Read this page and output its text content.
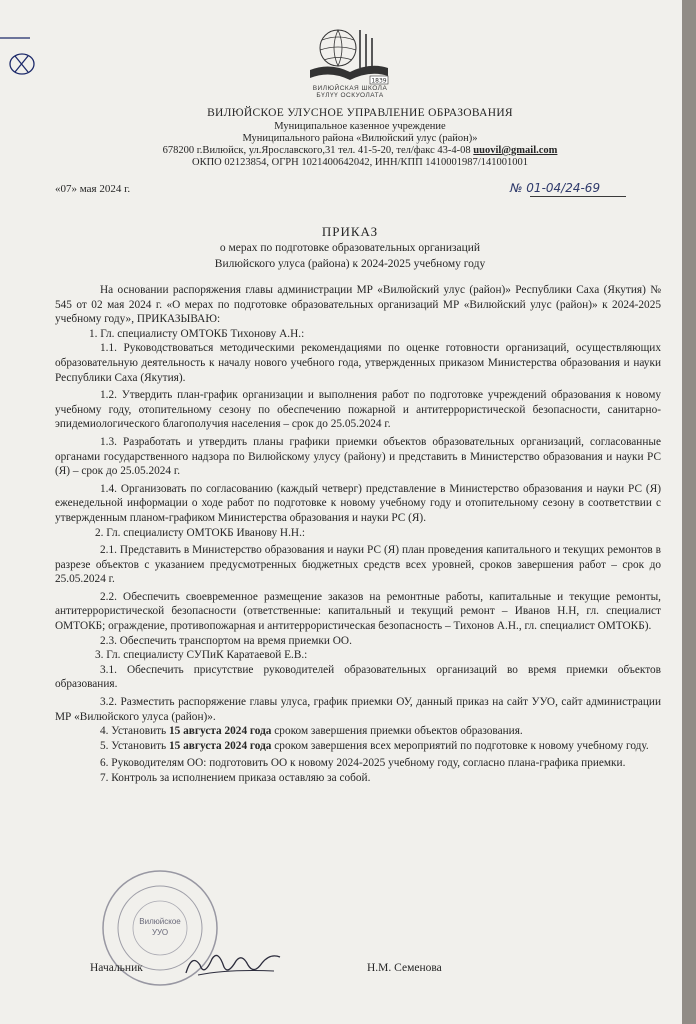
1839
ВИЛЮЙСКАЯ ШКОЛА
БҮЛҮҮ ОСКУОЛАТА
ВИЛЮЙСКОЕ УЛУСНОЕ УПРАВЛЕНИЕ ОБРАЗОВАНИЯ
Муниципальное казенное учреждение
Муниципального района «Вилюйский улус (район)»
678200 г.Вилюйск, ул.Ярославского,31 тел. 41-5-20, тел/факс 43-4-08 uuovil@gmail.com
ОКПО 02123854, ОГРН 1021400642042, ИНН/КПП 1410001987/141001001
«07» мая 2024 г.	№ 01-04/24-69
ПРИКАЗ
о мерах по подготовке образовательных организаций
Вилюйского улуса (района) к 2024-2025 учебному году

На основании распоряжения главы администрации МР «Вилюйский улус (район)» Республики Саха (Якутия) № 545 от 02 мая 2024 г. «О мерах по подготовке образовательных организаций МР «Вилюйский улус (район)» к 2024-2025 учебному году», ПРИКАЗЫВАЮ:

1. Гл. специалисту ОМТОКБ Тихонову А.Н.:

1.1. Руководствоваться методическими рекомендациями по оценке готовности организаций, осуществляющих образовательную деятельность к началу нового учебного года, утвержденных приказом Министерства образования и науки Республики Саха (Якутия).

1.2. Утвердить план-график организации и выполнения работ по подготовке учреждений образования к новому учебному году, отопительному сезону по обеспечению пожарной и антитеррористической безопасности, санитарно-эпидемиологического благополучия населения – срок до 25.05.2024 г.

1.3. Разработать и утвердить планы графики приемки объектов образовательных организаций, согласованные органами государственного надзора по Вилюйскому улусу (району) и представить в Министерство образования и науки РС (Я) – срок до 25.05.2024 г.

1.4. Организовать по согласованию (каждый четверг) представление в Министерство образования и науки РС (Я) еженедельной информации о ходе работ по подготовке к новому учебному году и отопительному сезону в соответствии с утвержденным планом-графиком Министерства образования и науки РС (Я).

2. Гл. специалисту ОМТОКБ Иванову Н.Н.:

2.1. Представить в Министерство образования и науки РС (Я) план проведения капитального и текущих ремонтов в разрезе объектов с указанием предусмотренных бюджетных средств всех уровней, сроков завершения работ – срок до 25.05.2024 г.

2.2. Обеспечить своевременное размещение заказов на ремонтные работы, капитальные и текущие ремонты, антитеррористической безопасности (ответственные: капитальный и текущий ремонт – Иванов Н.Н, гл. специалист ОМТОКБ; ограждение, противопожарная и антитеррористическая безопасность – Тихонов А.Н., гл. специалист ОМТОКБ).

2.3. Обеспечить транспортом на время приемки ОО.

3. Гл. специалисту СУПиК Каратаевой Е.В.:

3.1. Обеспечить присутствие руководителей образовательных организаций во время приемки объектов образования.

3.2. Разместить распоряжение главы улуса, график приемки ОУ, данный приказ на сайт УУО, сайт администрации МР «Вилюйского улуса (район)».

4. Установить 15 августа 2024 года сроком завершения приемки объектов образования.

5. Установить 15 августа 2024 года сроком завершения всех мероприятий по подготовке к новому учебному году.

6. Руководителям ОО: подготовить ОО к новому 2024-2025 учебному году, согласно плана-графика приемки.

7. Контроль за исполнением приказа оставляю за собой.

Вилюйское
УУО
Начальник	Н.М. Семенова
